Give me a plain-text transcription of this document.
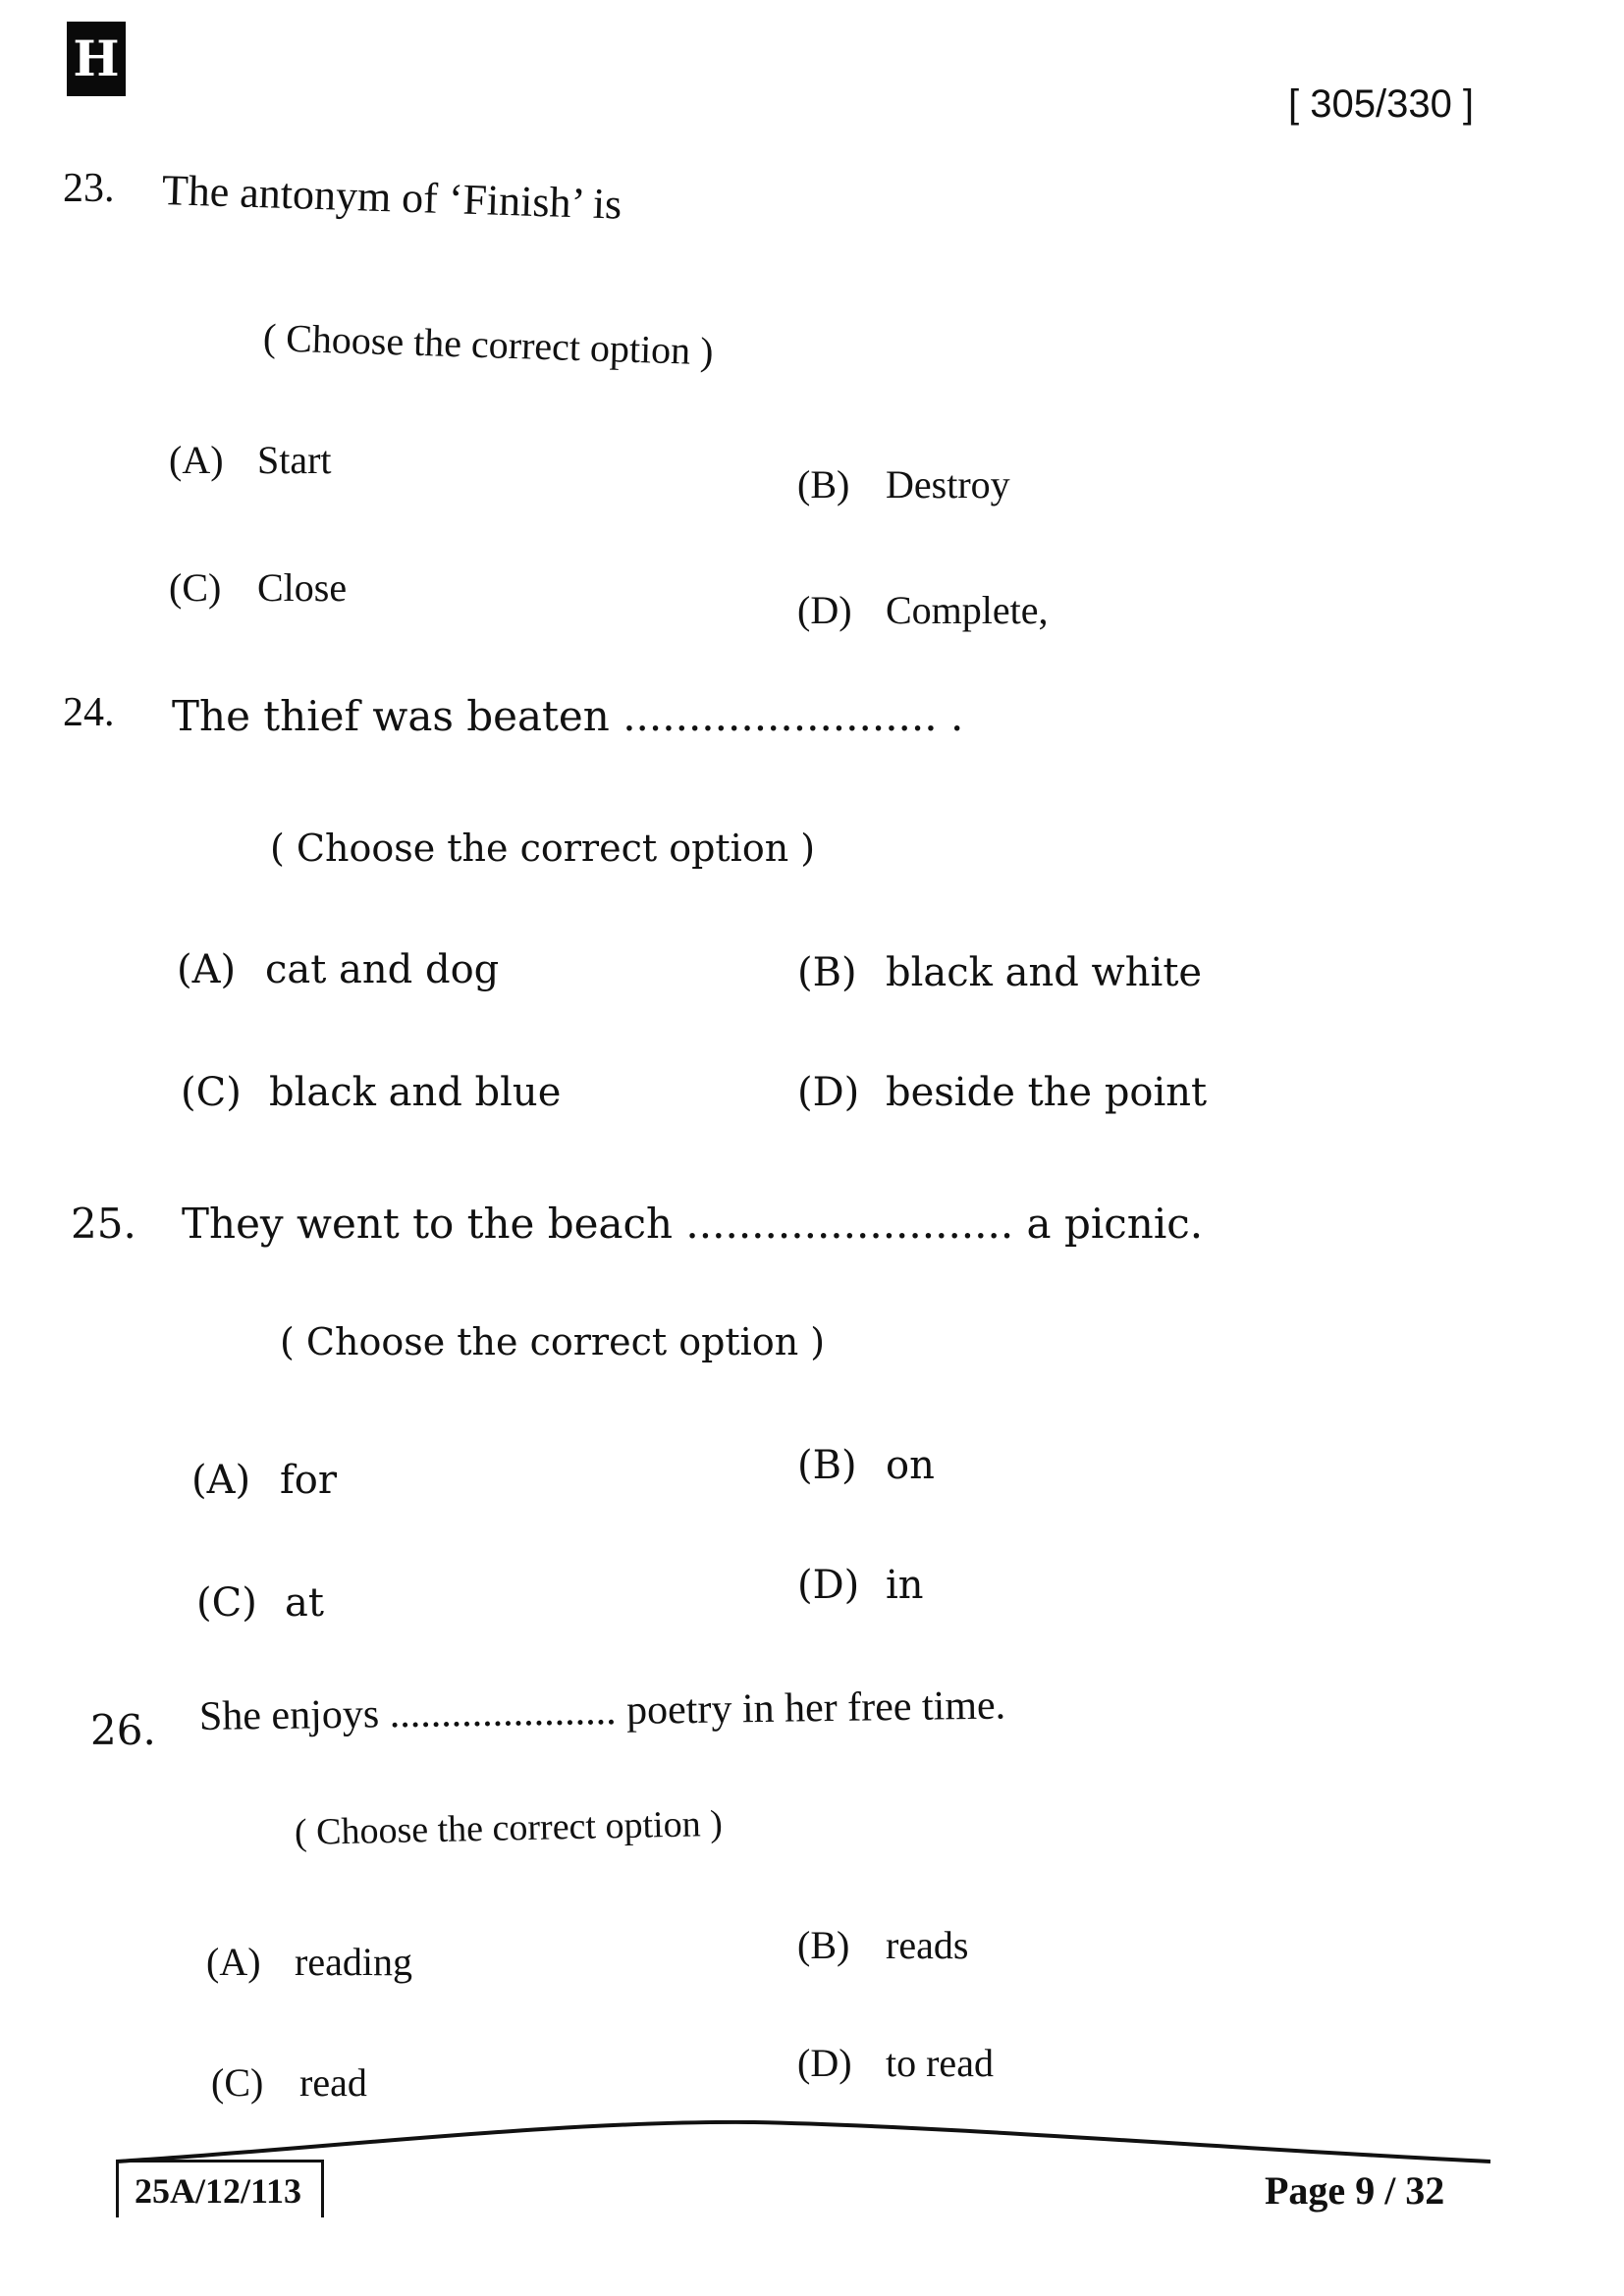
H
[ 305/330 ]
23. The antonym of ‘Finish’ is
( Choose the correct option )
(A) Start
(B) Destroy
(C) Close
(D) Complete,
24. The thief was beaten ........................ .
( Choose the correct option )
(A) cat and dog	(B) black and white
(C) black and blue	(D) beside the point
25. They went to the beach ......................... a picnic.
( Choose the correct option )
(A) for	(B) on
(C) at	(D) in
26. She enjoys ...................... poetry in her free time.
( Choose the correct option )
(A) reading	(B) reads
(C) read	(D) to read
25A/12/113	Page 9 / 32
